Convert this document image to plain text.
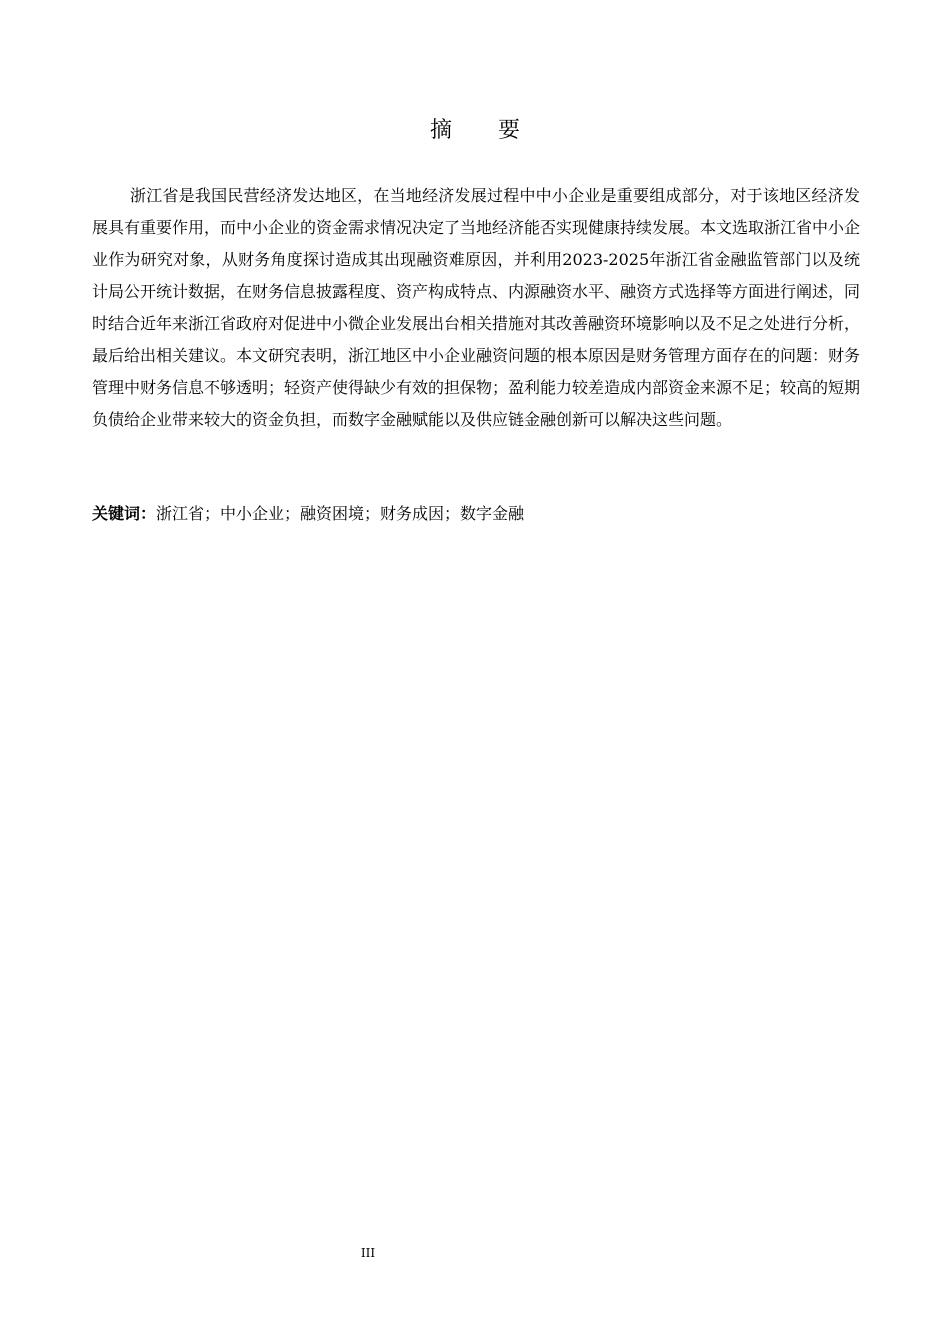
摘 要

浙江省是我国民营经济发达地区，在当地经济发展过程中中小企业是重要组成部分，对于该地区经济发展具有重要作用，而中小企业的资金需求情况决定了当地经济能否实现健康持续发展。本文选取浙江省中小企业作为研究对象，从财务角度探讨造成其出现融资难原因，并利用2023-2025年浙江省金融监管部门以及统计局公开统计数据，在财务信息披露程度、资产构成特点、内源融资水平、融资方式选择等方面进行阐述，同时结合近年来浙江省政府对促进中小微企业发展出台相关措施对其改善融资环境影响以及不足之处进行分析，最后给出相关建议。本文研究表明，浙江地区中小企业融资问题的根本原因是财务管理方面存在的问题：财务管理中财务信息不够透明；轻资产使得缺少有效的担保物；盈利能力较差造成内部资金来源不足；较高的短期负债给企业带来较大的资金负担，而数字金融赋能以及供应链金融创新可以解决这些问题。

关键词：浙江省；中小企业；融资困境；财务成因；数字金融
III
